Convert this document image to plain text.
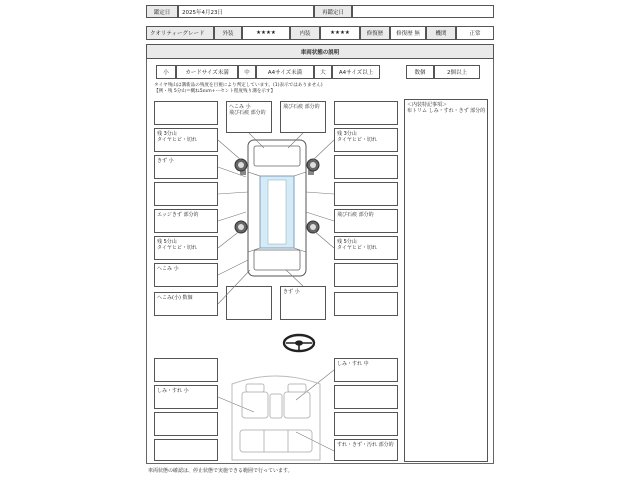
鑑定日	2025年4月23日	再鑑定日
クオリティーグレード	外装	★★★★	内装	★★★★	修復歴	修復歴 無	機関	正常
車両状態の説明
小	カードサイズ未満	中	A4サイズ未満	大	A4サイズ以上	数個	2個以上
タイヤ残山は溝新品の残度を目視により判定しています。(1)表示ではありません)
【例・残 5分山＝概ね5ｍm+ーセント程度残り溝を示す】
＜内装特記事項＞
布トリム しみ・すれ・きず 部分的
へこみ 小
飛び石痕 部分的
飛び石痕 部分的
残 3分山
タイヤヒビ・切れ
残 3分山
タイヤヒビ・切れ
きず 小
エッジきず 部分的	飛び石痕 部分的
残 5分山
タイヤヒビ・切れ
残 5分山
タイヤヒビ・切れ
へこみ 小
へこみ(小) 数個
きず 小
しみ・すれ 中
しみ・すれ 小
すれ・きず・汚れ 部分的
車両状態の確認は、停止状態で実施できる範囲で行っています。
